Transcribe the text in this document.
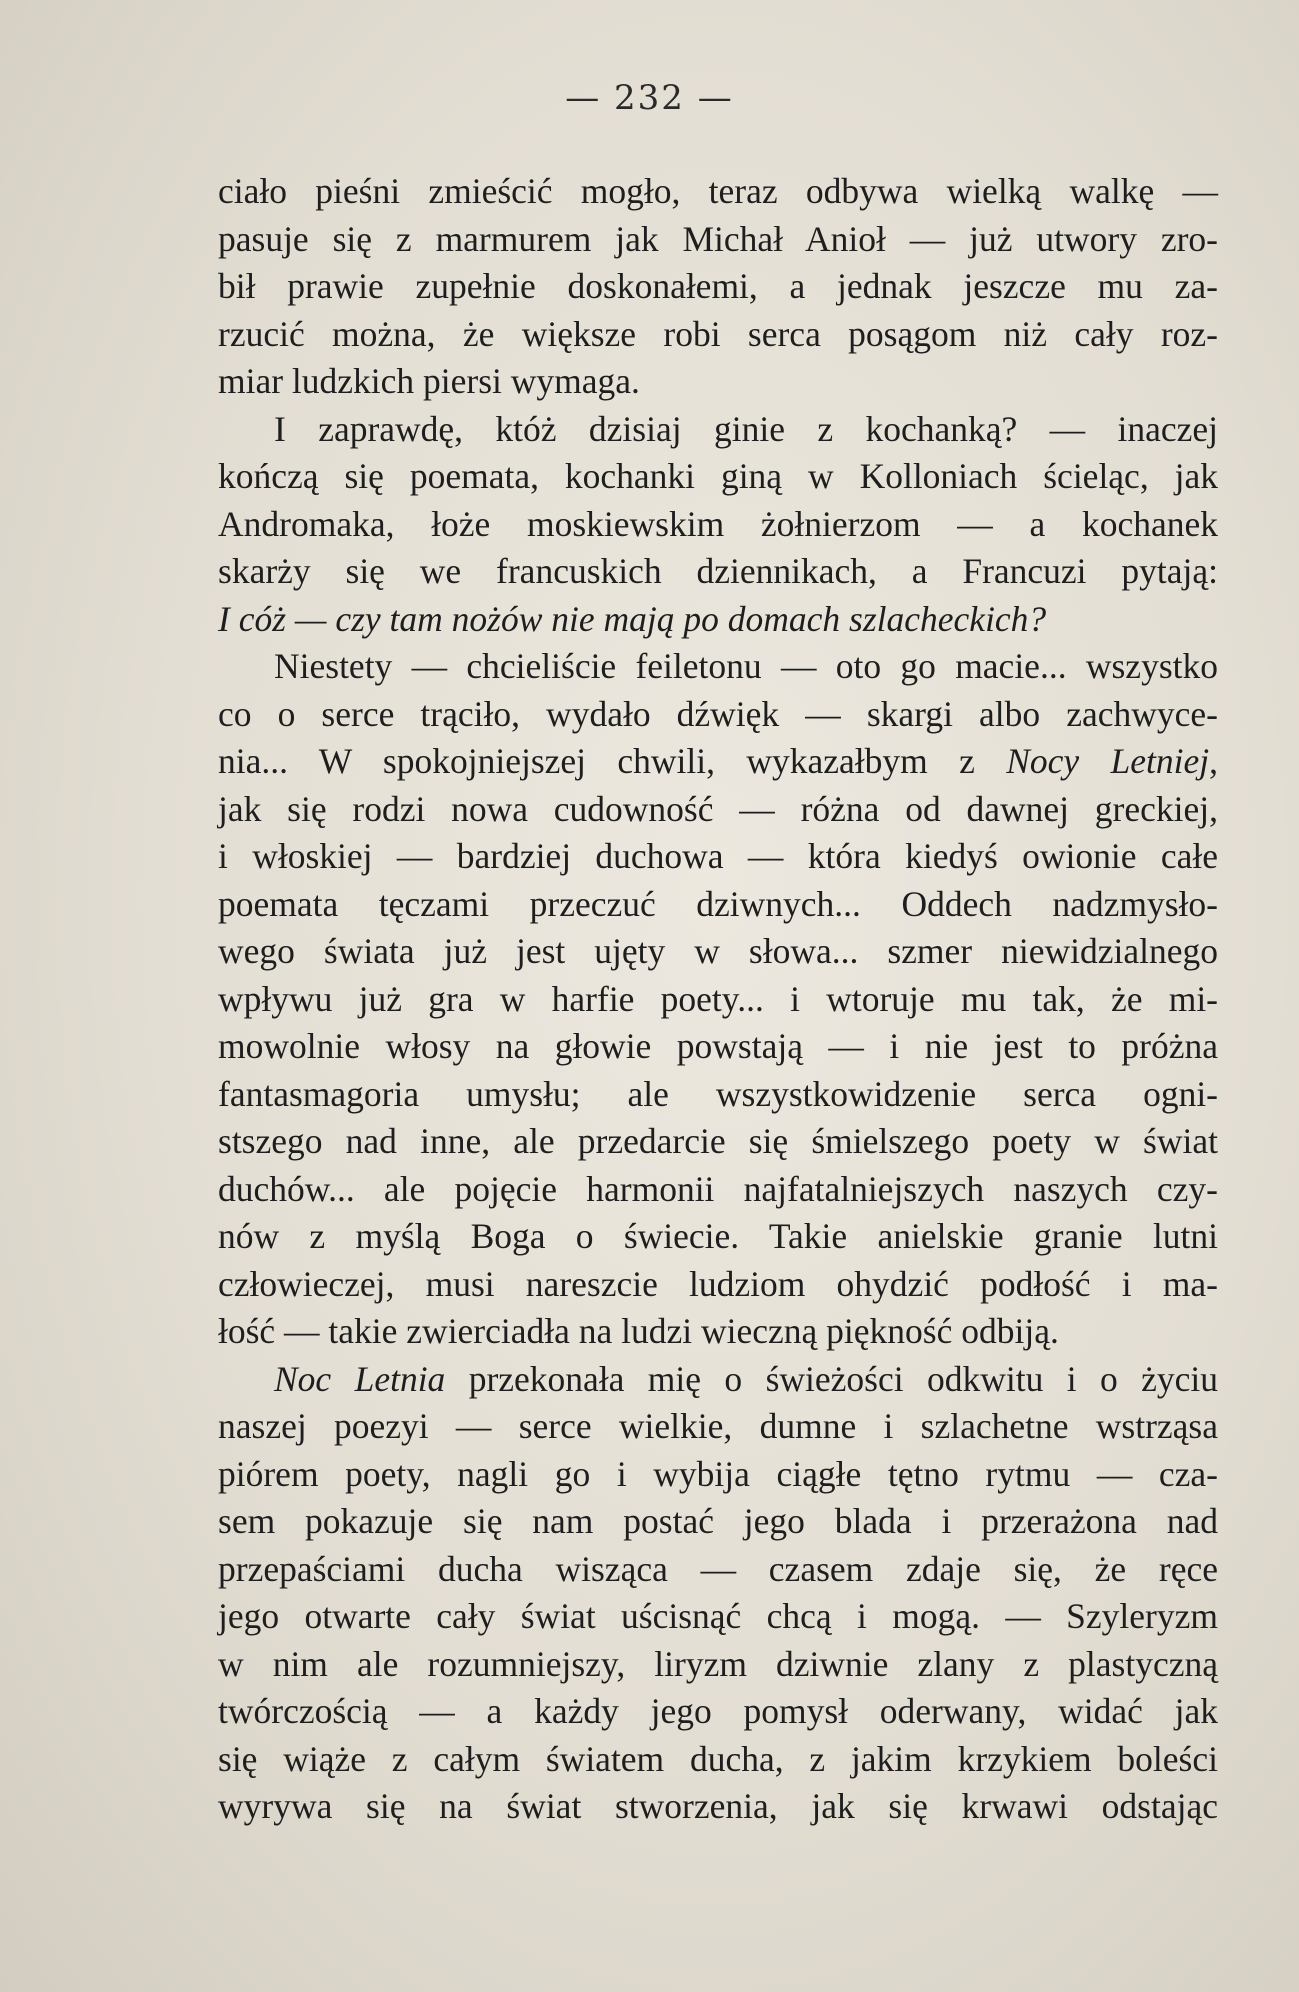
— 232 —
ciało pieśni zmieścić mogło, teraz odbywa wielką walkę —
pasuje się z marmurem jak Michał Anioł — już utwory zro-
bił prawie zupełnie doskonałemi, a jednak jeszcze mu za-
rzucić można, że większe robi serca posągom niż cały roz-
miar ludzkich piersi wymaga.
I zaprawdę, któż dzisiaj ginie z kochanką? — inaczej
kończą się poemata, kochanki giną w Kolloniach ścieląc, jak
Andromaka, łoże moskiewskim żołnierzom — a kochanek
skarży się we francuskich dziennikach, a Francuzi pytają:
I cóż — czy tam nożów nie mają po domach szlacheckich?
Niestety — chcieliście feiletonu — oto go macie... wszystko
co o serce trąciło, wydało dźwięk — skargi albo zachwyce-
nia... W spokojniejszej chwili, wykazałbym z Nocy Letniej,
jak się rodzi nowa cudowność — różna od dawnej greckiej,
i włoskiej — bardziej duchowa — która kiedyś owionie całe
poemata tęczami przeczuć dziwnych... Oddech nadzmysło-
wego świata już jest ujęty w słowa... szmer niewidzialnego
wpływu już gra w harfie poety... i wtoruje mu tak, że mi-
mowolnie włosy na głowie powstają — i nie jest to próżna
fantasmagoria umysłu; ale wszystkowidzenie serca ogni-
stszego nad inne, ale przedarcie się śmielszego poety w świat
duchów... ale pojęcie harmonii najfatalniejszych naszych czy-
nów z myślą Boga o świecie. Takie anielskie granie lutni
człowieczej, musi nareszcie ludziom ohydzić podłość i ma-
łość — takie zwierciadła na ludzi wieczną piękność odbiją.
Noc Letnia przekonała mię o świeżości odkwitu i o życiu
naszej poezyi — serce wielkie, dumne i szlachetne wstrząsa
piórem poety, nagli go i wybija ciągłe tętno rytmu — cza-
sem pokazuje się nam postać jego blada i przerażona nad
przepaściami ducha wisząca — czasem zdaje się, że ręce
jego otwarte cały świat uścisnąć chcą i mogą. — Szyleryzm
w nim ale rozumniejszy, liryzm dziwnie zlany z plastyczną
twórczością — a każdy jego pomysł oderwany, widać jak
się wiąże z całym światem ducha, z jakim krzykiem boleści
wyrywa się na świat stworzenia, jak się krwawi odstając
